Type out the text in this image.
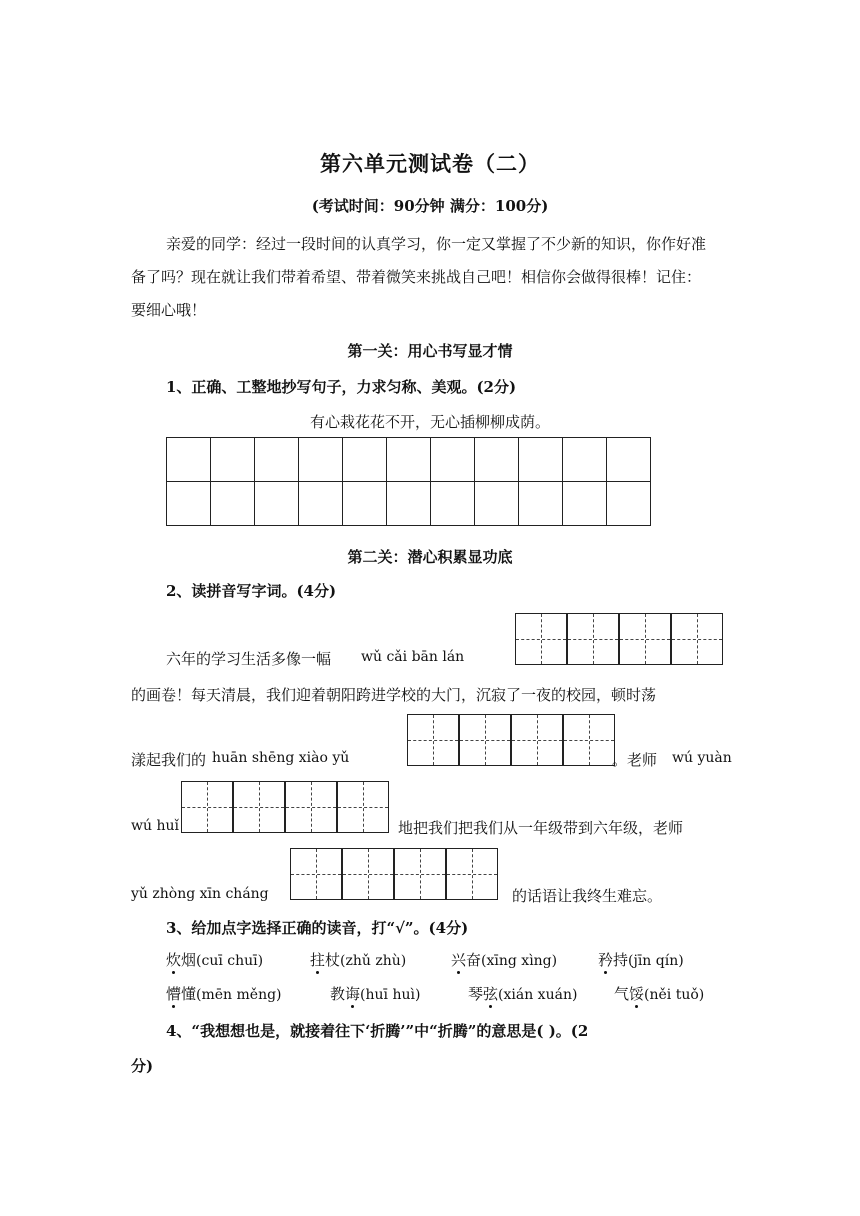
第六单元测试卷（二）
(考试时间：90分钟 满分：100分)
亲爱的同学：经过一段时间的认真学习，你一定又掌握了不少新的知识，你作好准
备了吗？现在就让我们带着希望、带着微笑来挑战自己吧！相信你会做得很棒！记住：
要细心哦！
第一关：用心书写显才情
1、正确、工整地抄写句子，力求匀称、美观。(2分)
有心栽花花不开，无心插柳柳成荫。

第二关：潜心积累显功底
2、读拼音写字词。(4分)
六年的学习生活多像一幅 wǔ cǎi bān lán
的画卷！每天清晨，我们迎着朝阳跨进学校的大门，沉寂了一夜的校园，顿时荡
漾起我们的 huān shēng xiào yǔ	。老师 wú yuàn
wú huǐ	地把我们把我们从一年级带到六年级，老师
yǔ zhòng xīn cháng	的话语让我终生难忘。
3、给加点字选择正确的读音，打“√”。(4分)
炊烟(cuī chuī)	拄杖(zhǔ zhù)	兴奋(xīng xìng)	矜持(jīn qín)
懵懂(mēn měng)	教诲(huī huì)	琴弦(xián xuán) 气馁(něi tuǒ)
4、“我想想也是，就接着往下‘折腾’”中“折腾”的意思是( )。(2
分)
